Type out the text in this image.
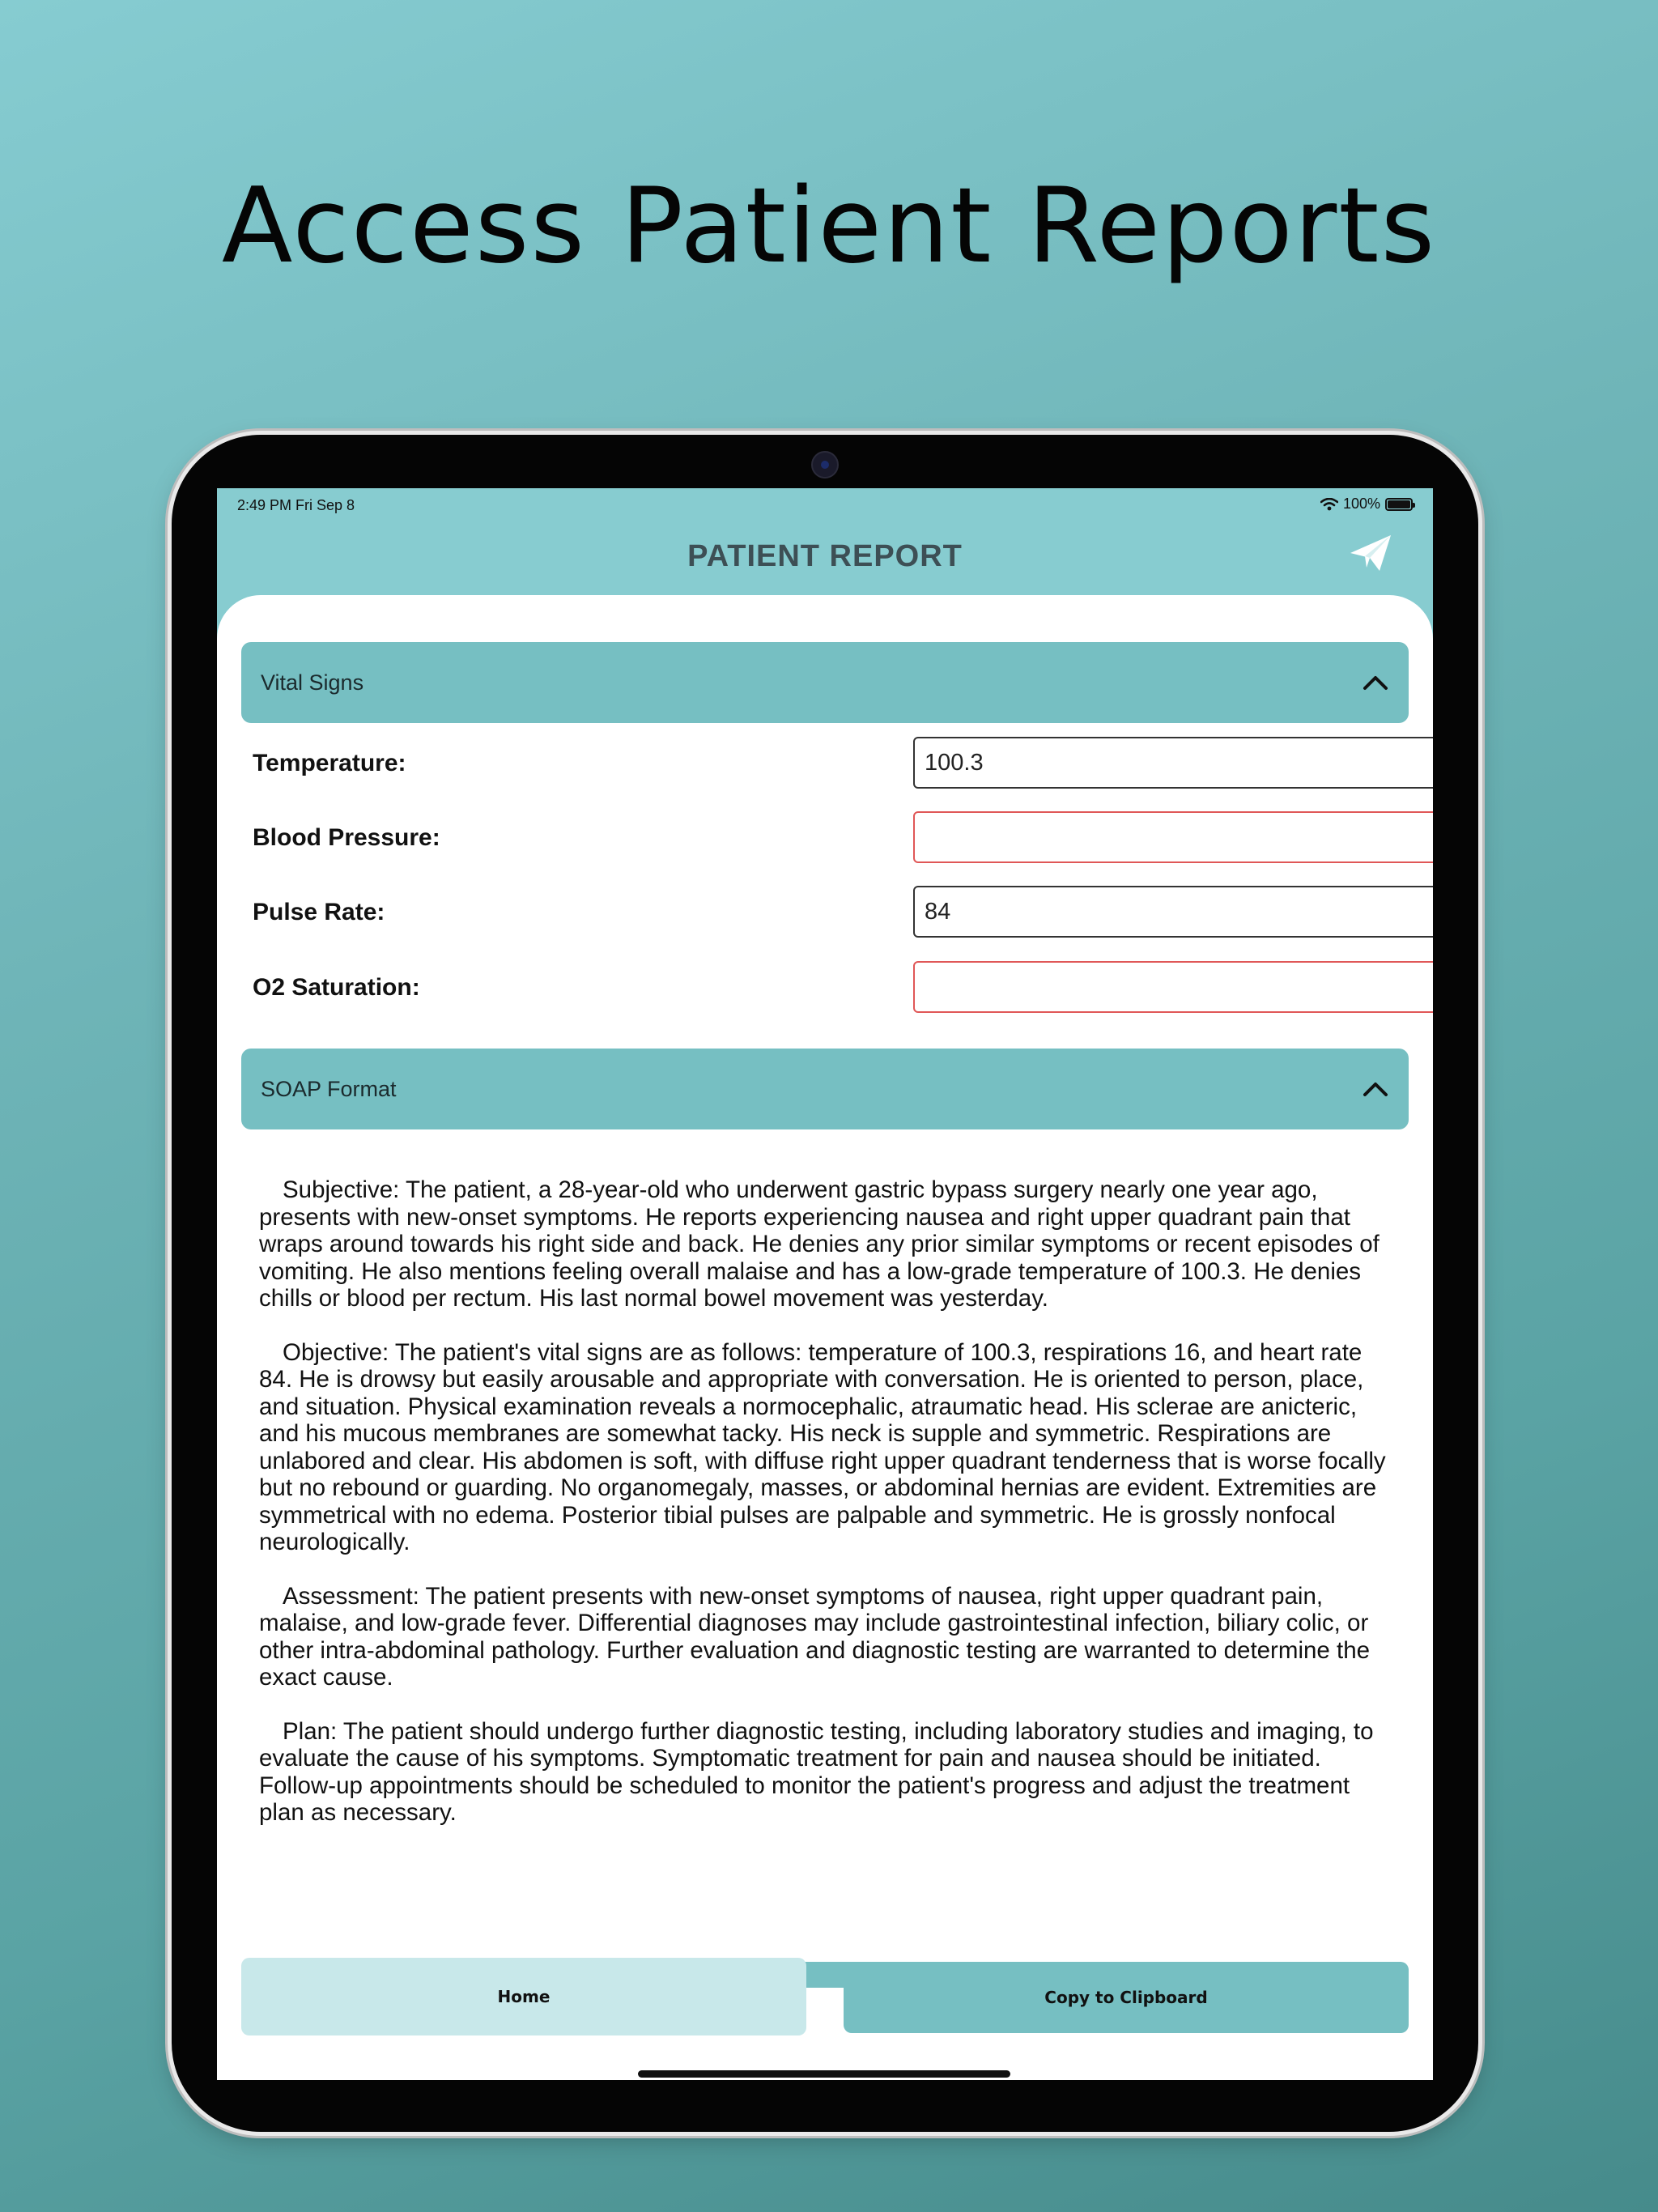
Access Patient Reports
2:49 PM Fri Sep 8	100%
PATIENT REPORT
Vital Signs
Temperature:
100.3
Blood Pressure:
Pulse Rate:
84
O2 Saturation:
SOAP Format

Subjective: The patient, a 28-year-old who underwent gastric bypass surgery nearly one year ago, presents with new-onset symptoms. He reports experiencing nausea and right upper quadrant pain that wraps around towards his right side and back. He denies any prior similar symptoms or recent episodes of vomiting. He also mentions feeling overall malaise and has a low-grade temperature of 100.3. He denies chills or blood per rectum. His last normal bowel movement was yesterday.

Objective: The patient's vital signs are as follows: temperature of 100.3, respirations 16, and heart rate 84. He is drowsy but easily arousable and appropriate with conversation. He is oriented to person, place, and situation. Physical examination reveals a normocephalic, atraumatic head. His sclerae are anicteric, and his mucous membranes are somewhat tacky. His neck is supple and symmetric. Respirations are unlabored and clear. His abdomen is soft, with diffuse right upper quadrant tenderness that is worse focally but no rebound or guarding. No organomegaly, masses, or abdominal hernias are evident. Extremities are symmetrical with no edema. Posterior tibial pulses are palpable and symmetric. He is grossly nonfocal neurologically.

Assessment: The patient presents with new-onset symptoms of nausea, right upper quadrant pain, malaise, and low-grade fever. Differential diagnoses may include gastrointestinal infection, biliary colic, or other intra-abdominal pathology. Further evaluation and diagnostic testing are warranted to determine the exact cause.

Plan: The patient should undergo further diagnostic testing, including laboratory studies and imaging, to evaluate the cause of his symptoms. Symptomatic treatment for pain and nausea should be initiated. Follow-up appointments should be scheduled to monitor the patient's progress and adjust the treatment plan as necessary.

Home	Copy to Clipboard
